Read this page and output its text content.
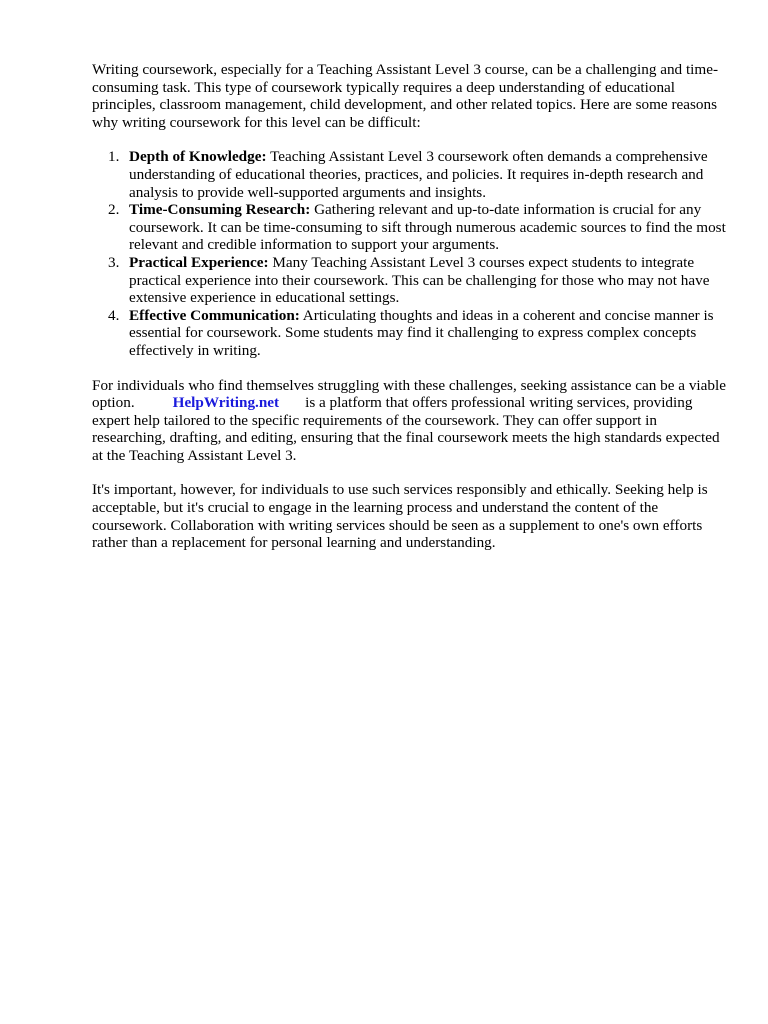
Writing coursework, especially for a Teaching Assistant Level 3 course, can be a challenging and time-consuming task. This type of coursework typically requires a deep understanding of educational principles, classroom management, child development, and other related topics. Here are some reasons why writing coursework for this level can be difficult:

1. Depth of Knowledge: Teaching Assistant Level 3 coursework often demands a comprehensive understanding of educational theories, practices, and policies. It requires in-depth research and analysis to provide well-supported arguments and insights.
2. Time-Consuming Research: Gathering relevant and up-to-date information is crucial for any coursework. It can be time-consuming to sift through numerous academic sources to find the most relevant and credible information to support your arguments.
3. Practical Experience: Many Teaching Assistant Level 3 courses expect students to integrate practical experience into their coursework. This can be challenging for those who may not have extensive experience in educational settings.
4. Effective Communication: Articulating thoughts and ideas in a coherent and concise manner is essential for coursework. Some students may find it challenging to express complex concepts effectively in writing.

For individuals who find themselves struggling with these challenges, seeking assistance can be a viable option.	HelpWriting.net is a platform that offers professional writing services, providing expert help tailored to the specific requirements of the coursework. They can offer support in researching, drafting, and editing, ensuring that the final coursework meets the high standards expected at the Teaching Assistant Level 3.

It's important, however, for individuals to use such services responsibly and ethically. Seeking help is acceptable, but it's crucial to engage in the learning process and understand the content of the coursework. Collaboration with writing services should be seen as a supplement to one's own efforts rather than a replacement for personal learning and understanding.
